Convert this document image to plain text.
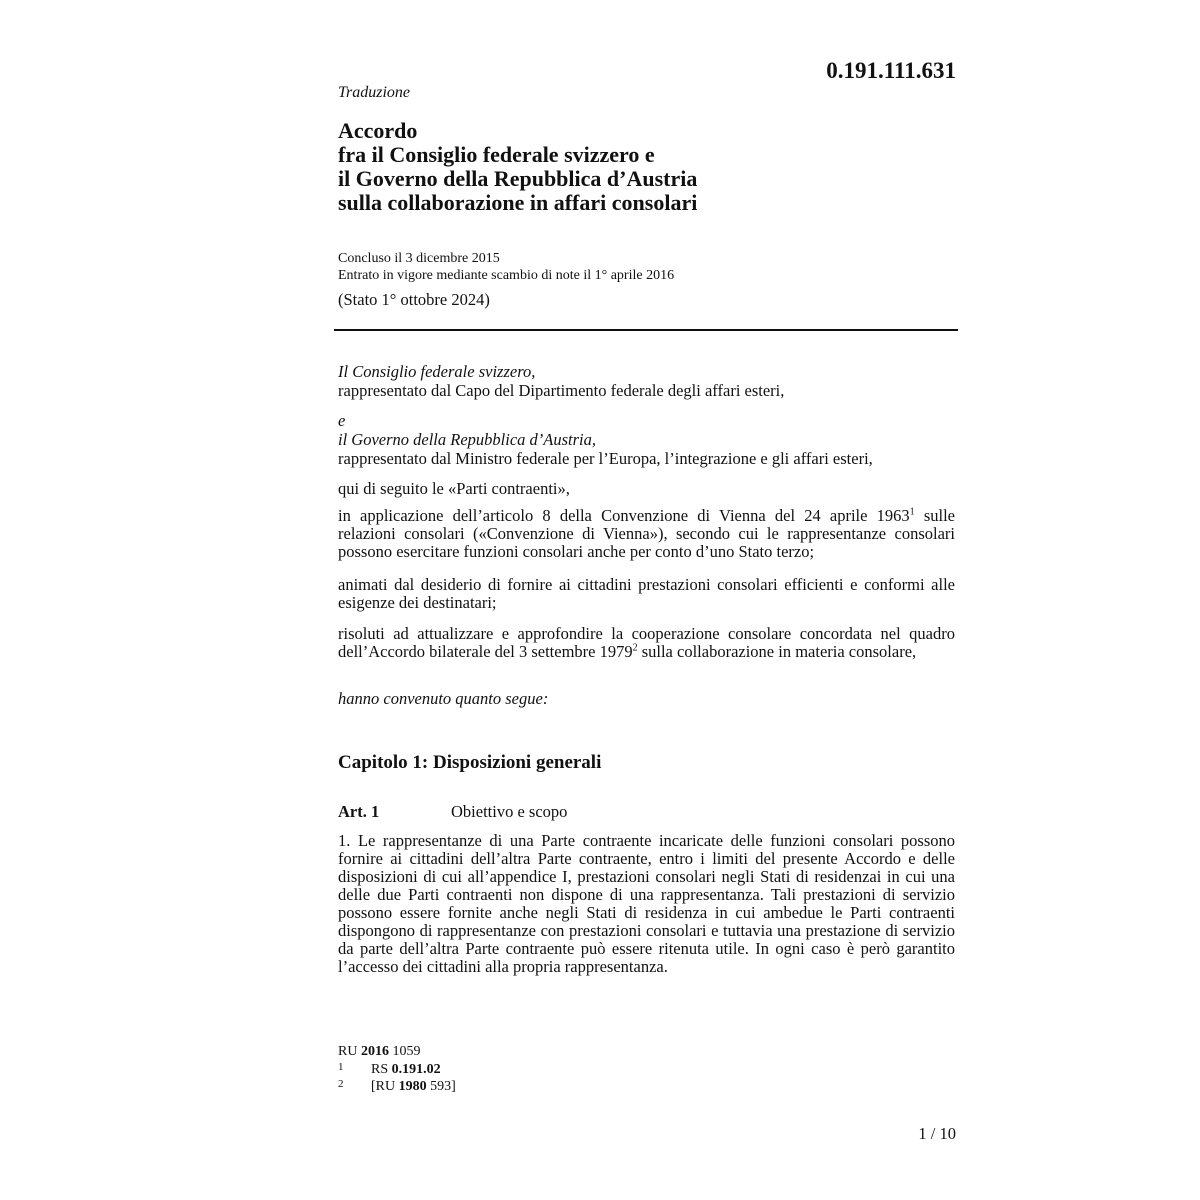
0.191.111.631
Traduzione
Accordo
fra il Consiglio federale svizzero e
il Governo della Repubblica d’Austria
sulla collaborazione in affari consolari
Concluso il 3 dicembre 2015
Entrato in vigore mediante scambio di note il 1° aprile 2016
(Stato 1° ottobre 2024)
Il Consiglio federale svizzero,
rappresentato dal Capo del Dipartimento federale degli affari esteri,
e
il Governo della Repubblica d’Austria,
rappresentato dal Ministro federale per l’Europa, l’integrazione e gli affari esteri,
qui di seguito le «Parti contraenti»,
in applicazione dell’articolo 8 della Convenzione di Vienna del 24 aprile 1963$^1$ sulle relazioni consolari («Convenzione di Vienna»), secondo cui le rappresentanze consolari possono esercitare funzioni consolari anche per conto d’uno Stato terzo;
animati dal desiderio di fornire ai cittadini prestazioni consolari efficienti e conformi alle esigenze dei destinatari;
risoluti ad attualizzare e approfondire la cooperazione consolare concordata nel quadro dell’Accordo bilaterale del 3 settembre 1979$^2$ sulla collaborazione in materia consolare,
hanno convenuto quanto segue:
Capitolo 1: Disposizioni generali
Art. 1	Obiettivo e scopo
1. Le rappresentanze di una Parte contraente incaricate delle funzioni consolari possono fornire ai cittadini dell’altra Parte contraente, entro i limiti del presente Accordo e delle disposizioni di cui all’appendice I, prestazioni consolari negli Stati di residenzai in cui una delle due Parti contraenti non dispone di una rappresentanza. Tali prestazioni di servizio possono essere fornite anche negli Stati di residenza in cui ambedue le Parti contraenti dispongono di rappresentanze con prestazioni consolari e tuttavia una prestazione di servizio da parte dell’altra Parte contraente può essere ritenuta utile. In ogni caso è però garantito l’accesso dei cittadini alla propria rappresentanza.
RU 2016 1059
1 RS 0.191.02
2 [RU 1980 593]
1 / 10
